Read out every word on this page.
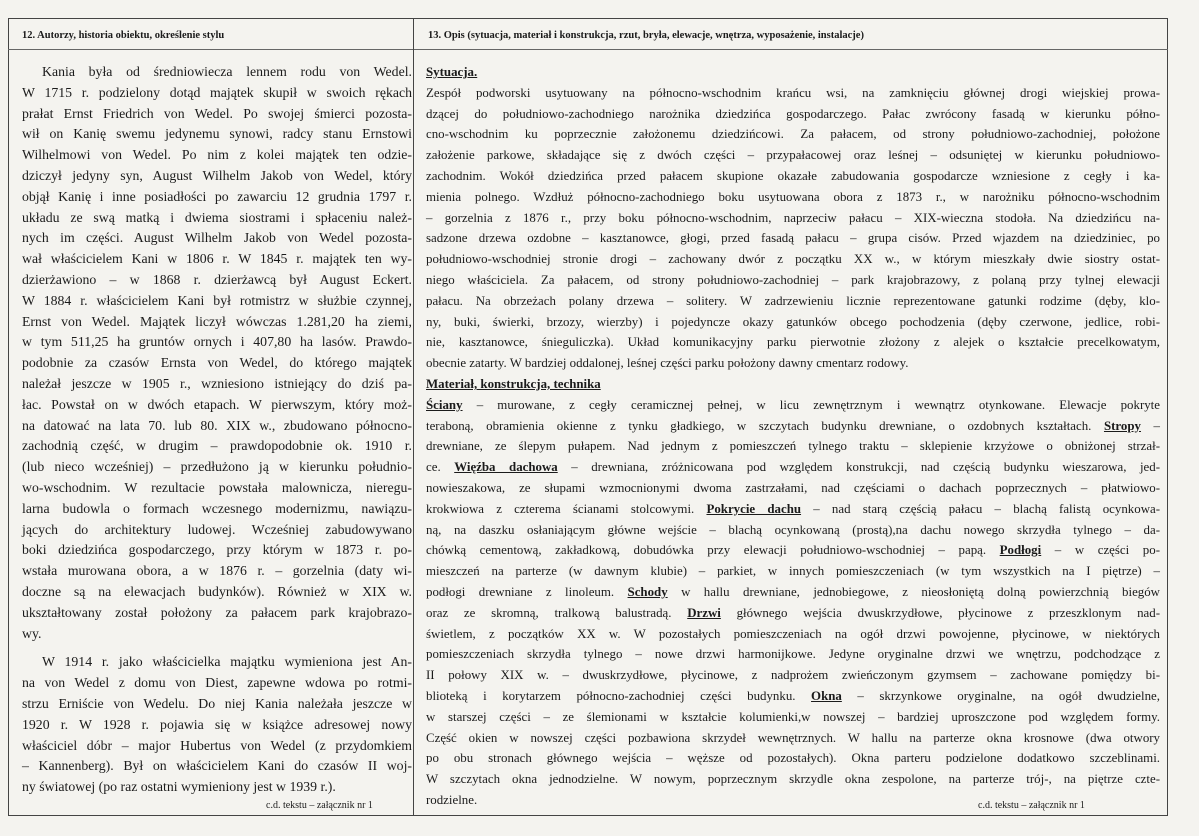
12. Autorzy, historia obiektu, określenie stylu	13. Opis (sytuacja, materiał i konstrukcja, rzut, bryła, elewacje, wnętrza, wyposażenie, instalacje)
Kania była od średniowiecza lennem rodu von Wedel.
W 1715 r. podzielony dotąd majątek skupił w swoich rękach
prałat Ernst Friedrich von Wedel. Po swojej śmierci pozosta-
wił on Kanię swemu jedynemu synowi, radcy stanu Ernstowi
Wilhelmowi von Wedel. Po nim z kolei majątek ten odzie-
dziczył jedyny syn, August Wilhelm Jakob von Wedel, który
objął Kanię i inne posiadłości po zawarciu 12 grudnia 1797 r.
układu ze swą matką i dwiema siostrami i spłaceniu należ-
nych im części. August Wilhelm Jakob von Wedel pozosta-
wał właścicielem Kani w 1806 r. W 1845 r. majątek ten wy-
dzierżawiono – w 1868 r. dzierżawcą był August Eckert.
W 1884 r. właścicielem Kani był rotmistrz w służbie czynnej,
Ernst von Wedel. Majątek liczył wówczas 1.281,20 ha ziemi,
w tym 511,25 ha gruntów ornych i 407,80 ha lasów. Prawdo-
podobnie za czasów Ernsta von Wedel, do którego majątek
należał jeszcze w 1905 r., wzniesiono istniejący do dziś pa-
łac. Powstał on w dwóch etapach. W pierwszym, który moż-
na datować na lata 70. lub 80. XIX w., zbudowano północno-
zachodnią część, w drugim – prawdopodobnie ok. 1910 r.
(lub nieco wcześniej) – przedłużono ją w kierunku południo-
wo-wschodnim. W rezultacie powstała malownicza, nieregu-
larna budowla o formach wczesnego modernizmu, nawiązu-
jących do architektury ludowej. Wcześniej zabudowywano
boki dziedzińca gospodarczego, przy którym w 1873 r. po-
wstała murowana obora, a w 1876 r. – gorzelnia (daty wi-
doczne są na elewacjach budynków). Również w XIX w.
ukształtowany został położony za pałacem park krajobrazo-
wy.
W 1914 r. jako właścicielka majątku wymieniona jest An-
na von Wedel z domu von Diest, zapewne wdowa po rotmi-
strzu Erniście von Wedelu. Do niej Kania należała jeszcze w
1920 r. W 1928 r. pojawia się w książce adresowej nowy
właściciel dóbr – major Hubertus von Wedel (z przydomkiem
– Kannenberg). Był on właścicielem Kani do czasów II woj-
ny światowej (po raz ostatni wymieniony jest w 1939 r.).
c.d. tekstu – załącznik nr 1
Sytuacja.
Zespół podworski usytuowany na północno-wschodnim krańcu wsi, na zamknięciu głównej drogi wiejskiej prowa-
dzącej do południowo-zachodniego narożnika dziedzińca gospodarczego. Pałac zwrócony fasadą w kierunku półno-
cno-wschodnim ku poprzecznie założonemu dziedzińcowi. Za pałacem, od strony południowo-zachodniej, położone
założenie parkowe, składające się z dwóch części – przypałacowej oraz leśnej – odsuniętej w kierunku południowo-
zachodnim. Wokół dziedzińca przed pałacem skupione okazałe zabudowania gospodarcze wzniesione z cegły i ka-
mienia polnego. Wzdłuż północno-zachodniego boku usytuowana obora z 1873 r., w narożniku północno-wschodnim
– gorzelnia z 1876 r., przy boku północno-wschodnim, naprzeciw pałacu – XIX-wieczna stodoła. Na dziedzińcu na-
sadzone drzewa ozdobne – kasztanowce, głogi, przed fasadą pałacu – grupa cisów. Przed wjazdem na dziedziniec, po
południowo-wschodniej stronie drogi – zachowany dwór z początku XX w., w którym mieszkały dwie siostry ostat-
niego właściciela. Za pałacem, od strony południowo-zachodniej – park krajobrazowy, z polaną przy tylnej elewacji
pałacu. Na obrzeżach polany drzewa – solitery. W zadrzewieniu licznie reprezentowane gatunki rodzime (dęby, klo-
ny, buki, świerki, brzozy, wierzby) i pojedyncze okazy gatunków obcego pochodzenia (dęby czerwone, jedlice, robi-
nie, kasztanowce, śnieguliczka). Układ komunikacyjny parku pierwotnie złożony z alejek o kształcie precelkowatym,
obecnie zatarty. W bardziej oddalonej, leśnej części parku położony dawny cmentarz rodowy.
Materiał, konstrukcja, technika
Ściany – murowane, z cegły ceramicznej pełnej, w licu zewnętrznym i wewnątrz otynkowane. Elewacje pokryte
teraboną, obramienia okienne z tynku gładkiego, w szczytach budynku drewniane, o ozdobnych kształtach. Stropy –
drewniane, ze ślepym pułapem. Nad jednym z pomieszczeń tylnego traktu – sklepienie krzyżowe o obniżonej strzał-
ce. Więźba dachowa – drewniana, zróżnicowana pod względem konstrukcji, nad częścią budynku wieszarowa, jed-
nowieszakowa, ze słupami wzmocnionymi dwoma zastrzałami, nad częściami o dachach poprzecznych – płatwiowo-
krokwiowa z czterema ścianami stolcowymi. Pokrycie dachu – nad starą częścią pałacu – blachą falistą ocynkowa-
ną, na daszku osłaniającym główne wejście – blachą ocynkowaną (prostą),na dachu nowego skrzydła tylnego – da-
chówką cementową, zakładkową, dobudówka przy elewacji południowo-wschodniej – papą. Podłogi – w części po-
mieszczeń na parterze (w dawnym klubie) – parkiet, w innych pomieszczeniach (w tym wszystkich na I piętrze) –
podłogi drewniane z linoleum. Schody w hallu drewniane, jednobiegowe, z nieosłoniętą dolną powierzchnią biegów
oraz ze skromną, tralkową balustradą. Drzwi głównego wejścia dwuskrzydłowe, płycinowe z przeszklonym nad-
świetlem, z początków XX w. W pozostałych pomieszczeniach na ogół drzwi powojenne, płycinowe, w niektórych
pomieszczeniach skrzydła tylnego – nowe drzwi harmonijkowe. Jedyne oryginalne drzwi we wnętrzu, podchodzące z
II połowy XIX w. – dwuskrzydłowe, płycinowe, z nadprożem zwieńczonym gzymsem – zachowane pomiędzy bi-
blioteką i korytarzem północno-zachodniej części budynku. Okna – skrzynkowe oryginalne, na ogół dwudzielne,
w starszej części – ze ślemionami w kształcie kolumienki,w nowszej – bardziej uproszczone pod względem formy.
Część okien w nowszej części pozbawiona skrzydeł wewnętrznych. W hallu na parterze okna krosnowe (dwa otwory
po obu stronach głównego wejścia – węższe od pozostałych). Okna parteru podzielone dodatkowo szczeblinami.
W szczytach okna jednodzielne. W nowym, poprzecznym skrzydle okna zespolone, na parterze trój-, na piętrze czte-
rodzielne.	c.d. tekstu – załącznik nr 1
